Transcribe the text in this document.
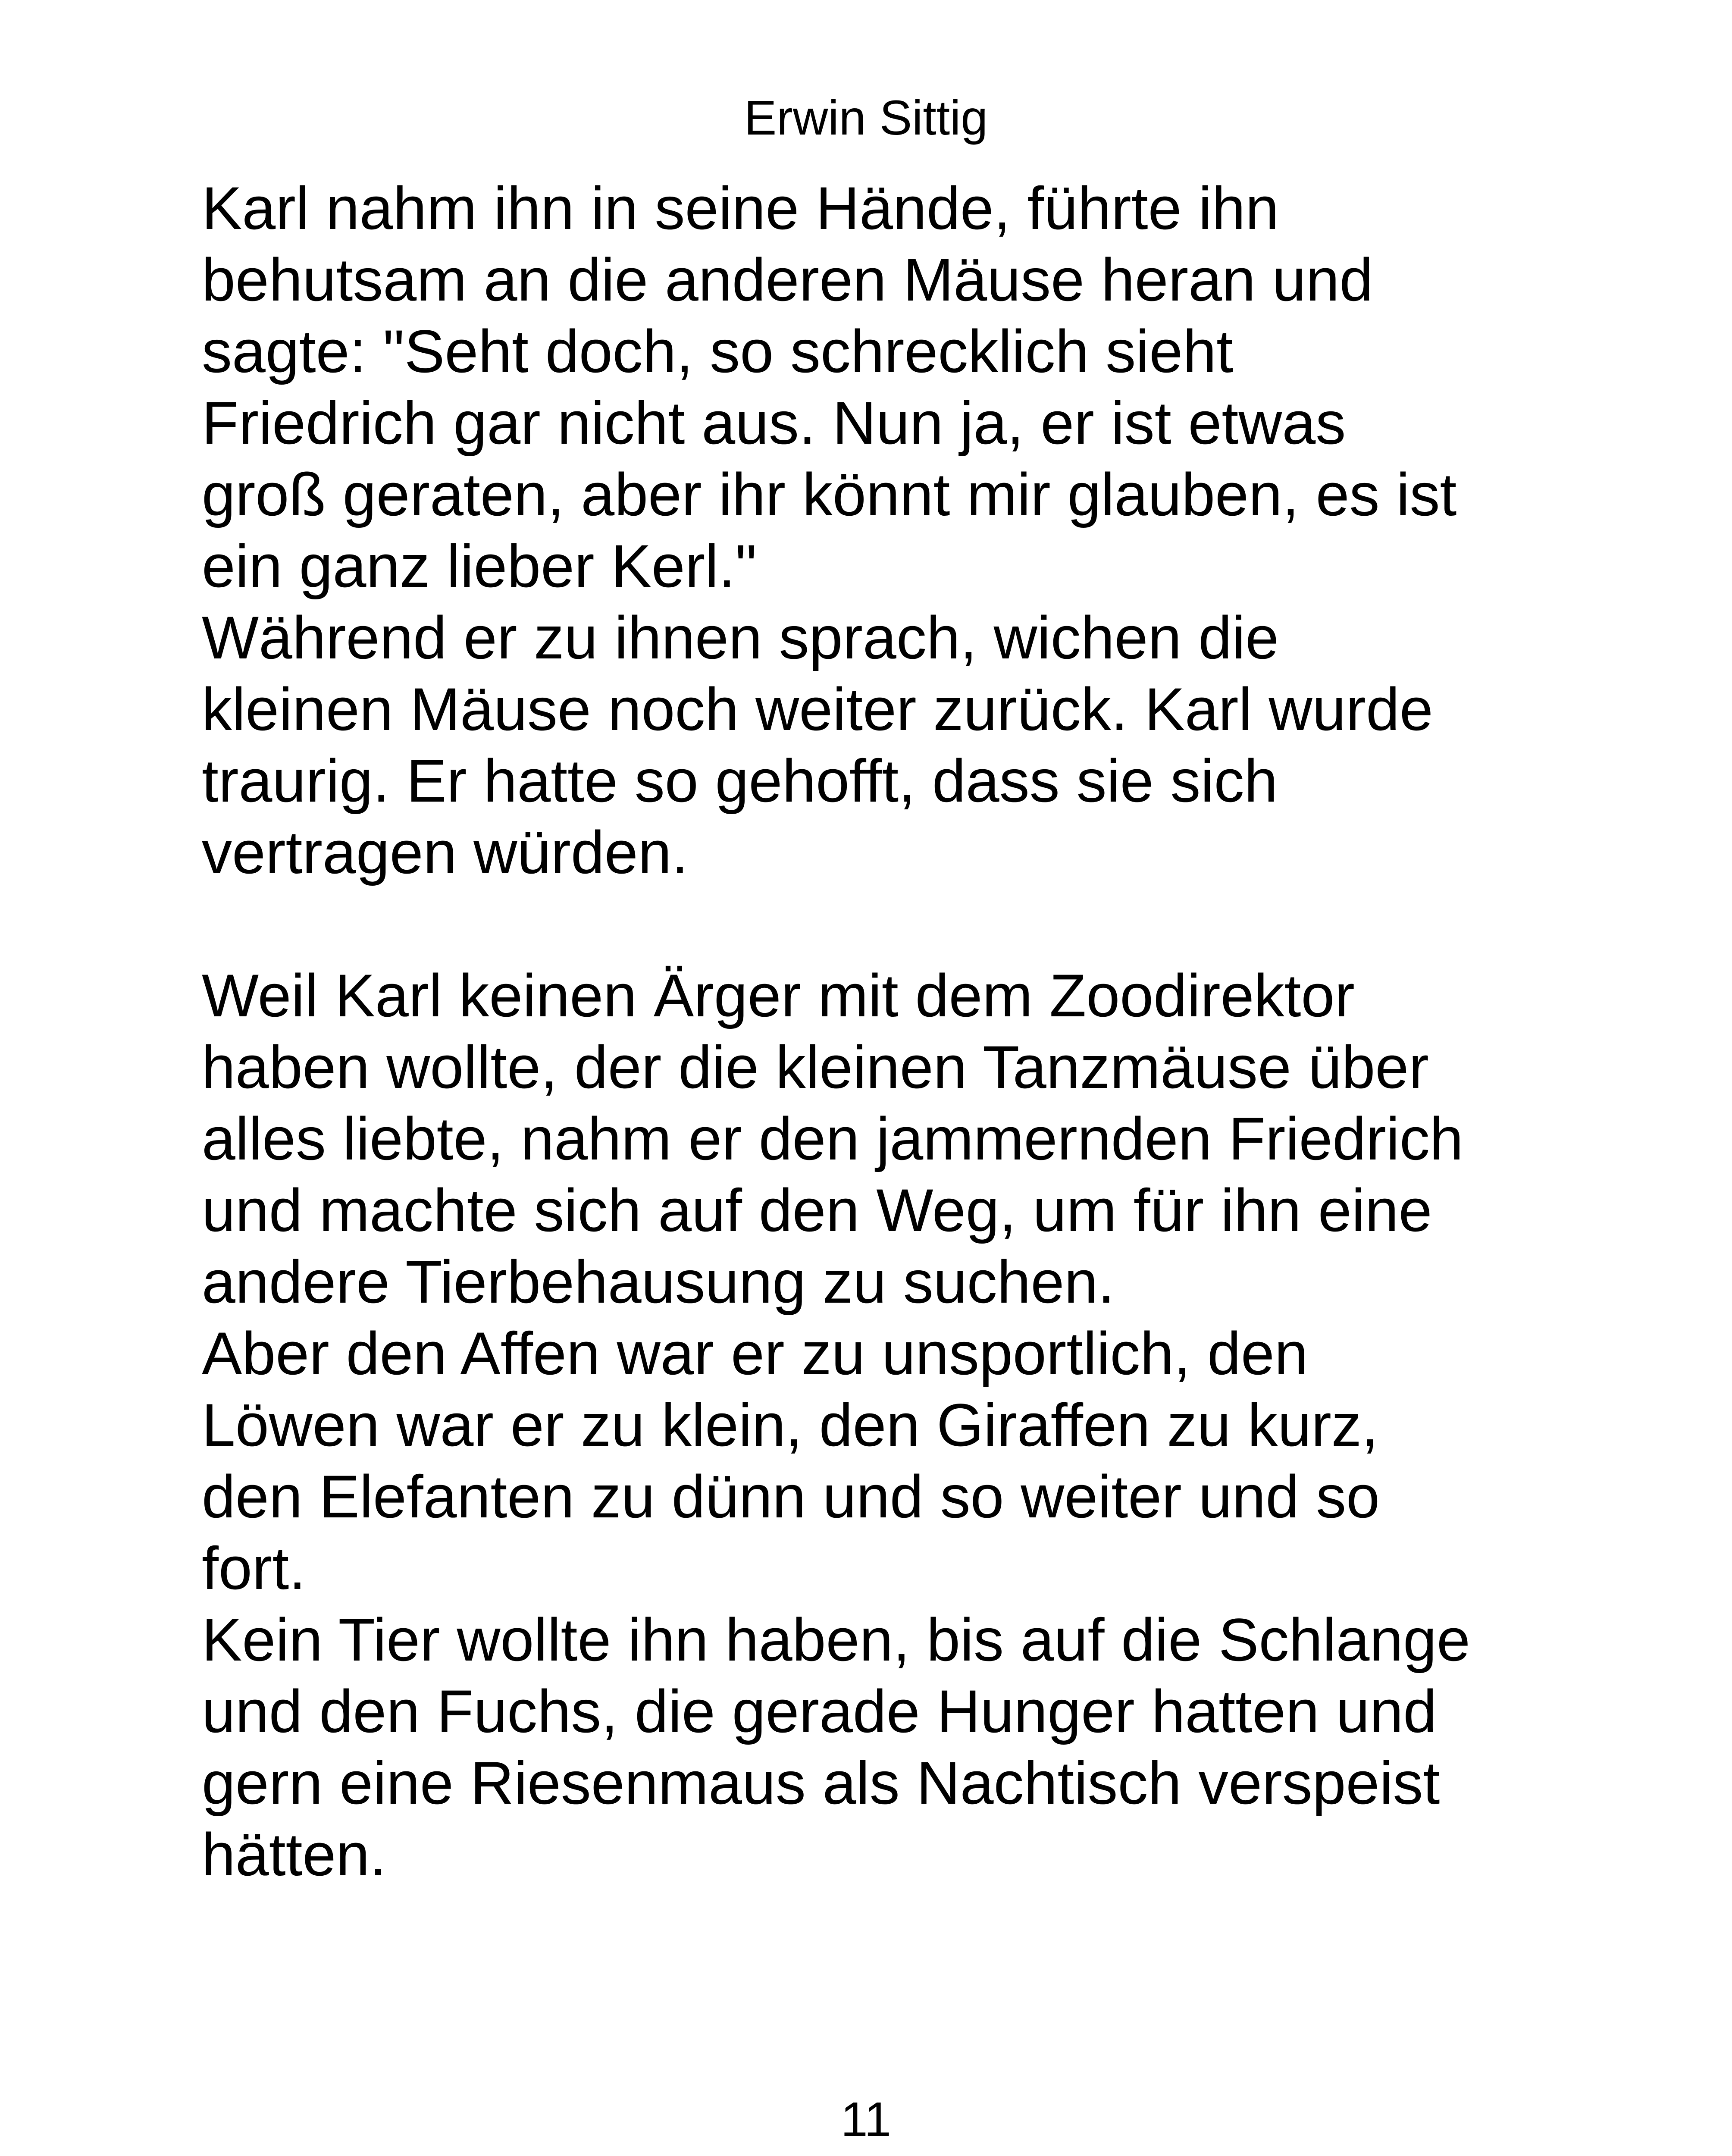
Erwin Sittig
Karl nahm ihn in seine Hände, führte ihn
behutsam an die anderen Mäuse heran und
sagte: "Seht doch, so schrecklich sieht
Friedrich gar nicht aus. Nun ja, er ist etwas
groß geraten, aber ihr könnt mir glauben, es ist
ein ganz lieber Kerl."
Während er zu ihnen sprach, wichen die
kleinen Mäuse noch weiter zurück. Karl wurde
traurig. Er hatte so gehofft, dass sie sich
vertragen würden.
Weil Karl keinen Ärger mit dem Zoodirektor
haben wollte, der die kleinen Tanzmäuse über
alles liebte, nahm er den jammernden Friedrich
und machte sich auf den Weg, um für ihn eine
andere Tierbehausung zu suchen.
Aber den Affen war er zu unsportlich, den
Löwen war er zu klein, den Giraffen zu kurz,
den Elefanten zu dünn und so weiter und so
fort.
Kein Tier wollte ihn haben, bis auf die Schlange
und den Fuchs, die gerade Hunger hatten und
gern eine Riesenmaus als Nachtisch verspeist
hätten.
11
